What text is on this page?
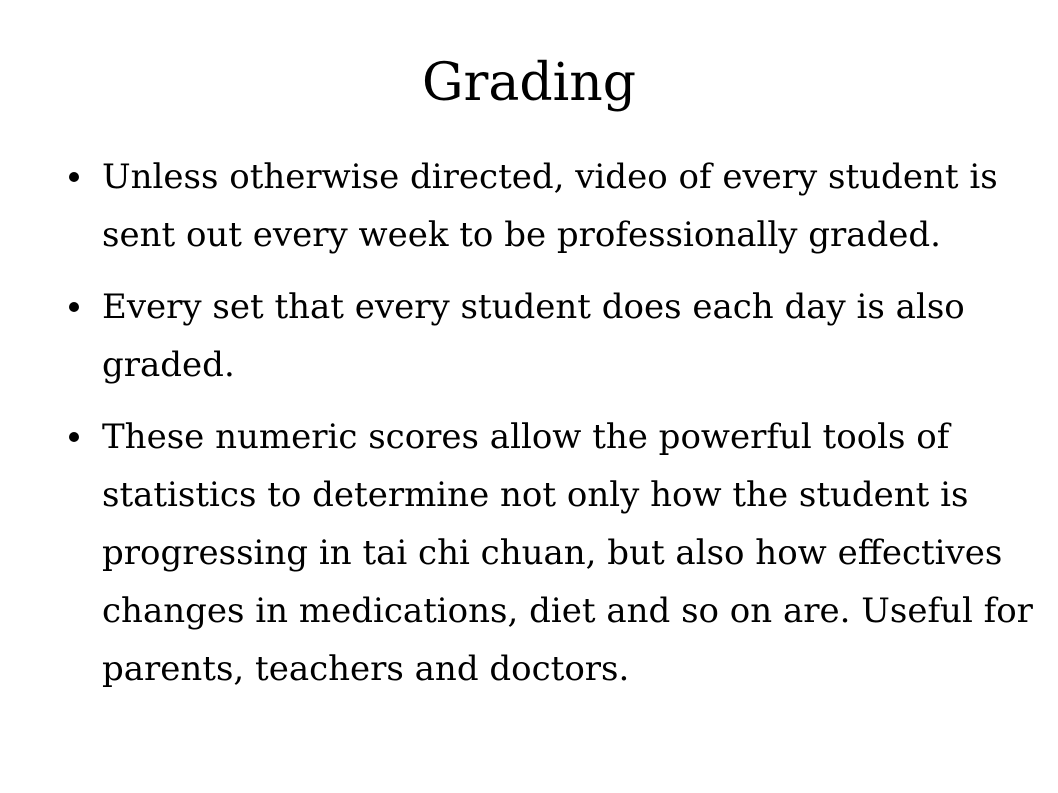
Grading
Unless otherwise directed, video of every student is sent out every week to be professionally graded.
Every set that every student does each day is also graded.
These numeric scores allow the powerful tools of statistics to determine not only how the student is progressing in tai chi chuan, but also how effectives changes in medications, diet and so on are. Useful for parents, teachers and doctors.
